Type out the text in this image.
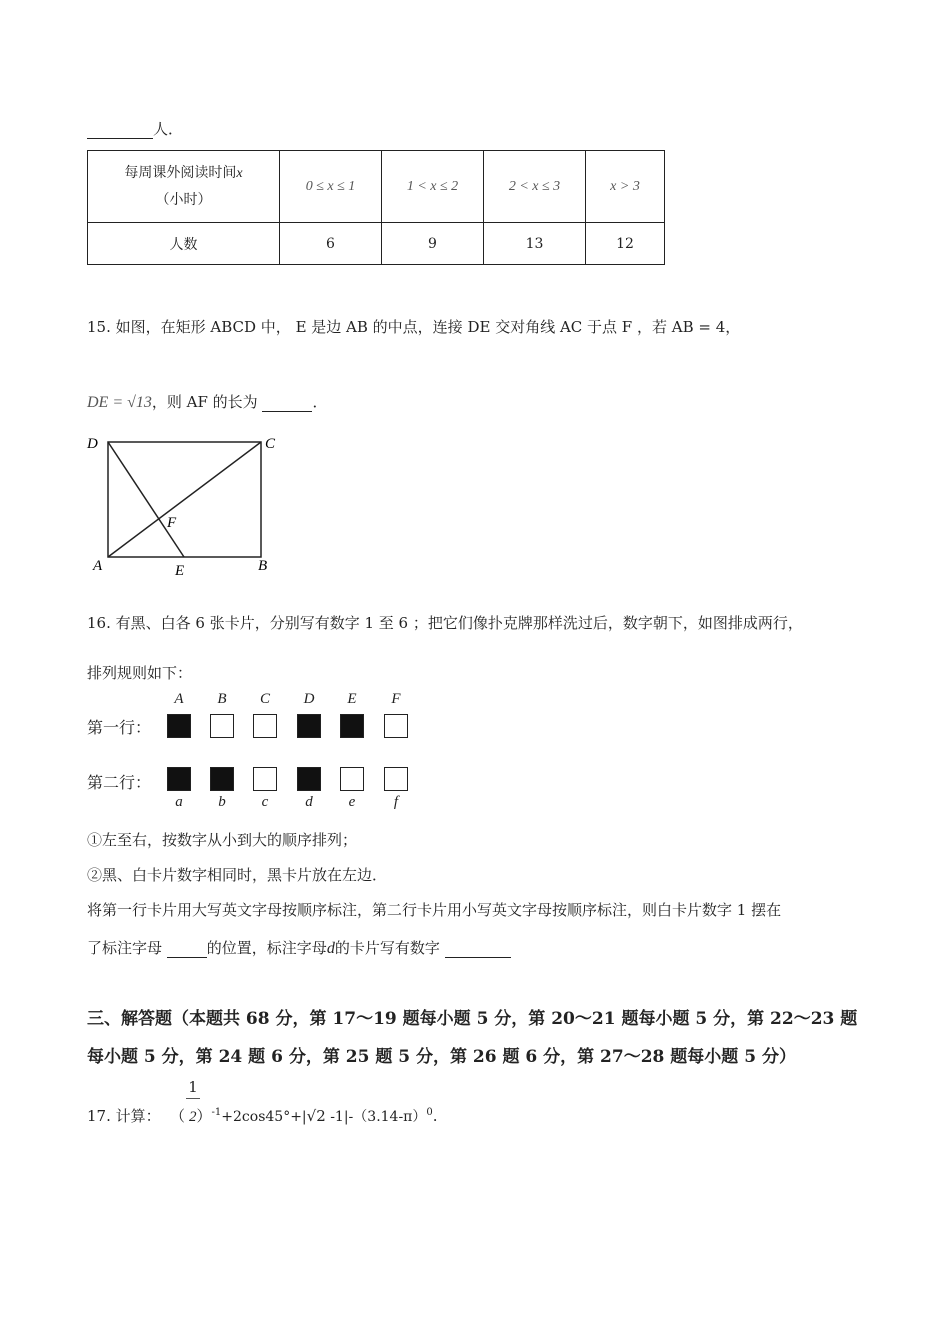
人．
每周课外阅读时间x
（小时）	0 ≤ x ≤ 1	1 < x ≤ 2	2 < x ≤ 3	x > 3
人数	6	9	13	12
15. 如图，在矩形 ABCD 中， E 是边 AB 的中点，连接 DE 交对角线 AC 于点 F ，若 AB = 4，
DE = √13，则 AF 的长为	．
D	C
A	B
E
F
16. 有黑、白各 6 张卡片，分别写有数字 1 至 6 ；把它们像扑克牌那样洗过后，数字朝下，如图排成两行，
排列规则如下：
第一行：
第二行：
A	B	C	D	E	F
a	b	c	d	e	f
①左至右，按数字从小到大的顺序排列；
②黑、白卡片数字相同时，黑卡片放在左边．
将第一行卡片用大写英文字母按顺序标注，第二行卡片用小写英文字母按顺序标注，则白卡片数字 1 摆在
了标注字母	的位置，标注字母d的卡片写有数字
三、解答题（本题共 68 分，第 17～19 题每小题 5 分，第 20～21 题每小题 5 分，第 22～23 题
每小题 5 分，第 24 题 6 分，第 25 题 5 分，第 26 题 6 分，第 27～28 题每小题 5 分）
17. 计算：
1
（ 2）$^{-1}$+2cos45°+|√2 $-1|-(3.14-\pi)^0$.
